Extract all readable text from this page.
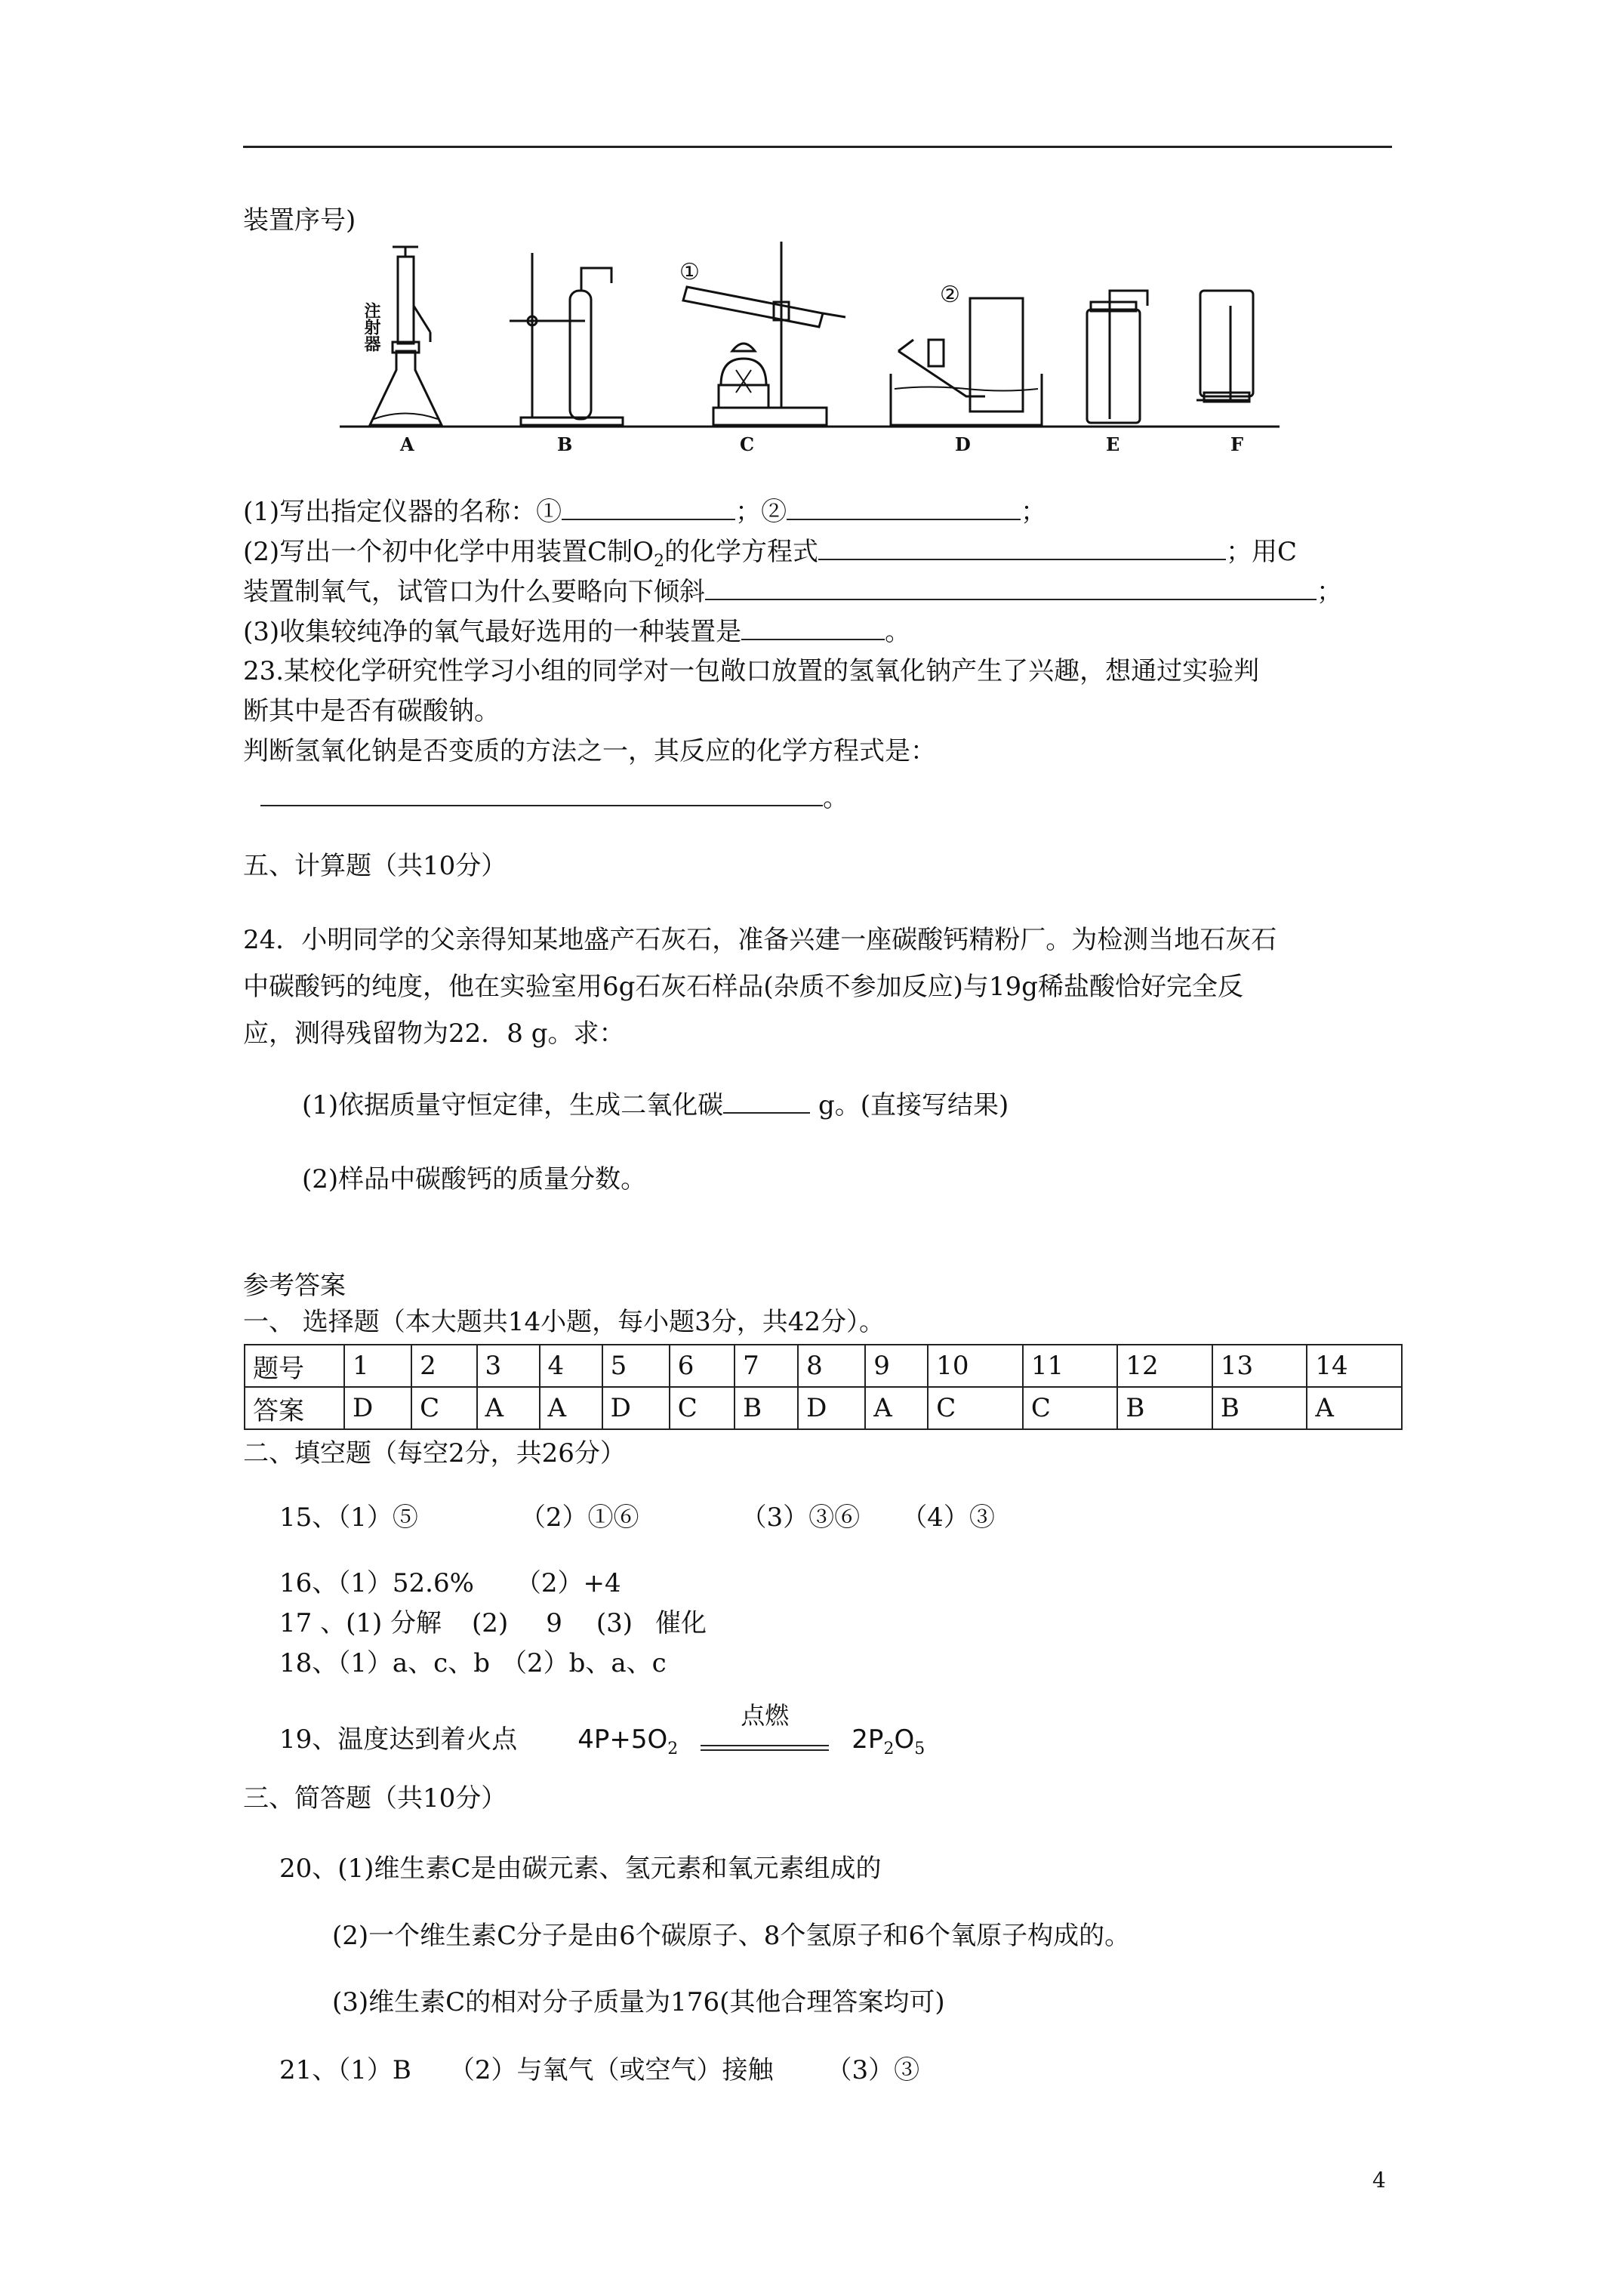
装置序号)
A	B	C	D	E	F
①
②
注射器
(1)写出指定仪器的名称：①	；②	；
(2)写出一个初中化学中用装置C制$O_2$的化学方程式	；用C
装置制氧气，试管口为什么要略向下倾斜	；
(3)收集较纯净的氧气最好选用的一种装置是	。
23.某校化学研究性学习小组的同学对一包敞口放置的氢氧化钠产生了兴趣，想通过实验判
断其中是否有碳酸钠。
判断氢氧化钠是否变质的方法之一，其反应的化学方程式是：
。
五、计算题（共10分）
24．小明同学的父亲得知某地盛产石灰石，准备兴建一座碳酸钙精粉厂。为检测当地石灰石
中碳酸钙的纯度，他在实验室用6g石灰石样品(杂质不参加反应)与19g稀盐酸恰好完全反
应，测得残留物为22．8 g。求：
(1)依据质量守恒定律，生成二氧化碳	g。(直接写结果)
(2)样品中碳酸钙的质量分数。
参考答案
一、 选择题（本大题共14小题，每小题3分，共42分）。
题号	1	2	3	4	5	6	7	8	9	10	11	12	13	14
答案	D	C	A	A	D	C	B	D	A	C	C	B	B	A
二、填空题（每空2分，共26分）
15、（1）⑤	（2）①⑥	（3）③⑥ （4）③
16、（1）52.6% （2）+4
17 、(1) 分解 (2) 9 (3) 催化
18、（1）a、c、b （2）b、a、c
19、温度达到着火点 $4P+5O_2$
点燃
$2P_2O_5$
三、简答题（共10分）
20、(1)维生素C是由碳元素、氢元素和氧元素组成的
(2)一个维生素C分子是由6个碳原子、8个氢原子和6个氧原子构成的。
(3)维生素C的相对分子质量为176(其他合理答案均可)
21、（1）B （2）与氧气（或空气）接触 （3）③
4
